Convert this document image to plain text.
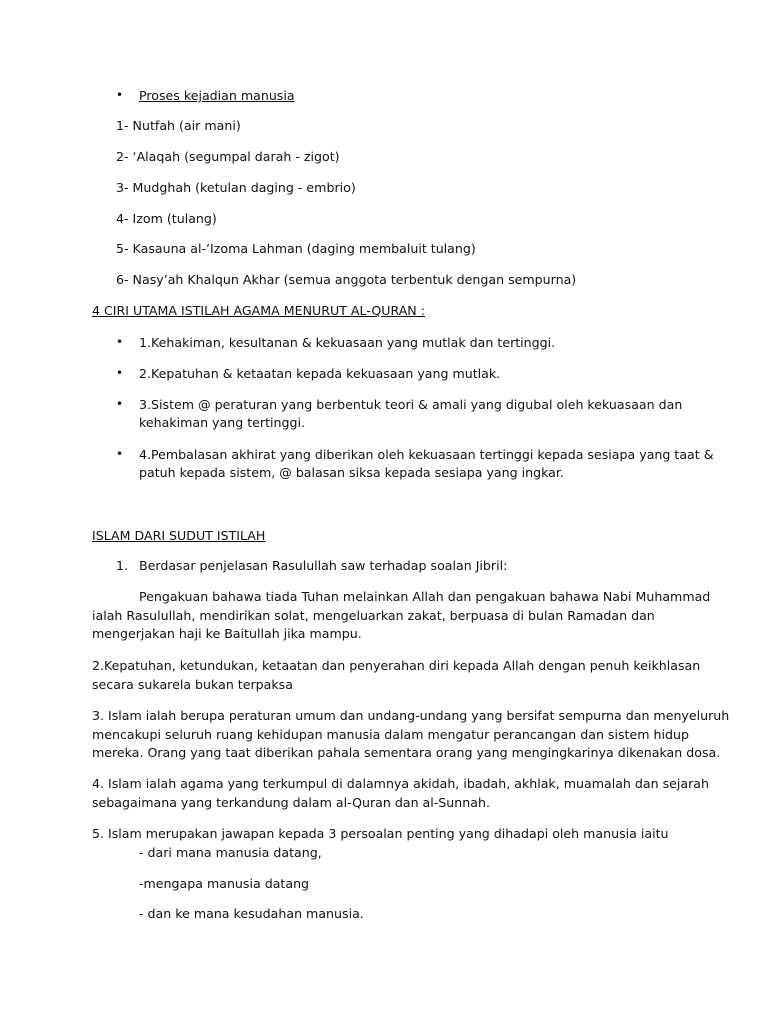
• Proses kejadian manusia
1- Nutfah (air mani)
2- ‘Alaqah (segumpal darah - zigot)
3- Mudghah (ketulan daging - embrio)
4- Izom (tulang)
5- Kasauna al-’Izoma Lahman (daging membaluit tulang)
6- Nasy’ah Khalqun Akhar (semua anggota terbentuk dengan sempurna)
4 CIRI UTAMA ISTILAH AGAMA MENURUT AL-QURAN :
• 1.Kehakiman, kesultanan & kekuasaan yang mutlak dan tertinggi.
• 2.Kepatuhan & ketaatan kepada kekuasaan yang mutlak.
• 3.Sistem @ peraturan yang berbentuk teori & amali yang digubal oleh kekuasaan dan
kehakiman yang tertinggi.
• 4.Pembalasan akhirat yang diberikan oleh kekuasaan tertinggi kepada sesiapa yang taat &
patuh kepada sistem, @ balasan siksa kepada sesiapa yang ingkar.
ISLAM DARI SUDUT ISTILAH
1. Berdasar penjelasan Rasulullah saw terhadap soalan Jibril:
Pengakuan bahawa tiada Tuhan melainkan Allah dan pengakuan bahawa Nabi Muhammad
ialah Rasulullah, mendirikan solat, mengeluarkan zakat, berpuasa di bulan Ramadan dan
mengerjakan haji ke Baitullah jika mampu.
2.Kepatuhan, ketundukan, ketaatan dan penyerahan diri kepada Allah dengan penuh keikhlasan
secara sukarela bukan terpaksa
3. Islam ialah berupa peraturan umum dan undang-undang yang bersifat sempurna dan menyeluruh
mencakupi seluruh ruang kehidupan manusia dalam mengatur perancangan dan sistem hidup
mereka. Orang yang taat diberikan pahala sementara orang yang mengingkarinya dikenakan dosa.
4. Islam ialah agama yang terkumpul di dalamnya akidah, ibadah, akhlak, muamalah dan sejarah
sebagaimana yang terkandung dalam al-Quran dan al-Sunnah.
5. Islam merupakan jawapan kepada 3 persoalan penting yang dihadapi oleh manusia iaitu
- dari mana manusia datang,
-mengapa manusia datang
- dan ke mana kesudahan manusia.
